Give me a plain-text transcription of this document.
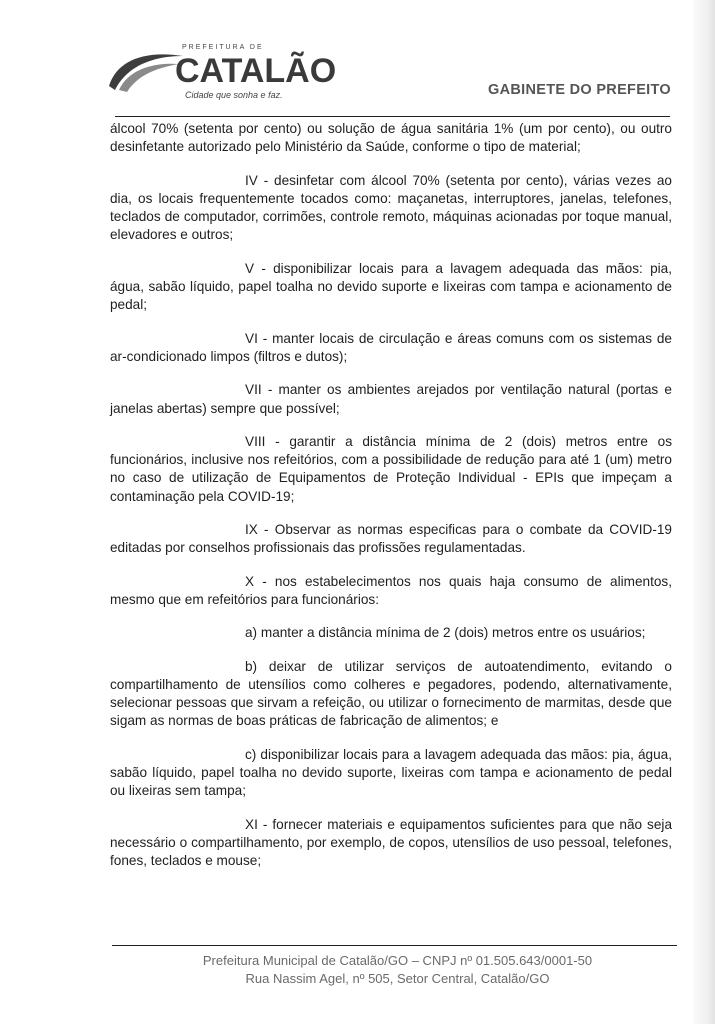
PREFEITURA DE
CATALÃO
Cidade que sonha e faz.	GABINETE DO PREFEITO

álcool 70% (setenta por cento) ou solução de água sanitária 1% (um por cento), ou outro desinfetante autorizado pelo Ministério da Saúde, conforme o tipo de material;

IV - desinfetar com álcool 70% (setenta por cento), várias vezes ao dia, os locais frequentemente tocados como: maçanetas, interruptores, janelas, telefones, teclados de computador, corrimões, controle remoto, máquinas acionadas por toque manual, elevadores e outros;

V - disponibilizar locais para a lavagem adequada das mãos: pia, água, sabão líquido, papel toalha no devido suporte e lixeiras com tampa e acionamento de pedal;

VI - manter locais de circulação e áreas comuns com os sistemas de ar-condicionado limpos (filtros e dutos);

VII - manter os ambientes arejados por ventilação natural (portas e janelas abertas) sempre que possível;

VIII - garantir a distância mínima de 2 (dois) metros entre os funcionários, inclusive nos refeitórios, com a possibilidade de redução para até 1 (um) metro no caso de utilização de Equipamentos de Proteção Individual - EPIs que impeçam a contaminação pela COVID-19;

IX - Observar as normas especificas para o combate da COVID-19 editadas por conselhos profissionais das profissões regulamentadas.

X - nos estabelecimentos nos quais haja consumo de alimentos, mesmo que em refeitórios para funcionários:

a) manter a distância mínima de 2 (dois) metros entre os usuários;

b) deixar de utilizar serviços de autoatendimento, evitando o compartilhamento de utensílios como colheres e pegadores, podendo, alternativamente, selecionar pessoas que sirvam a refeição, ou utilizar o fornecimento de marmitas, desde que sigam as normas de boas práticas de fabricação de alimentos; e

c) disponibilizar locais para a lavagem adequada das mãos: pia, água, sabão líquido, papel toalha no devido suporte, lixeiras com tampa e acionamento de pedal ou lixeiras sem tampa;

XI - fornecer materiais e equipamentos suficientes para que não seja necessário o compartilhamento, por exemplo, de copos, utensílios de uso pessoal, telefones, fones, teclados e mouse;

Prefeitura Municipal de Catalão/GO – CNPJ nº 01.505.643/0001-50
Rua Nassim Agel, nº 505, Setor Central, Catalão/GO
